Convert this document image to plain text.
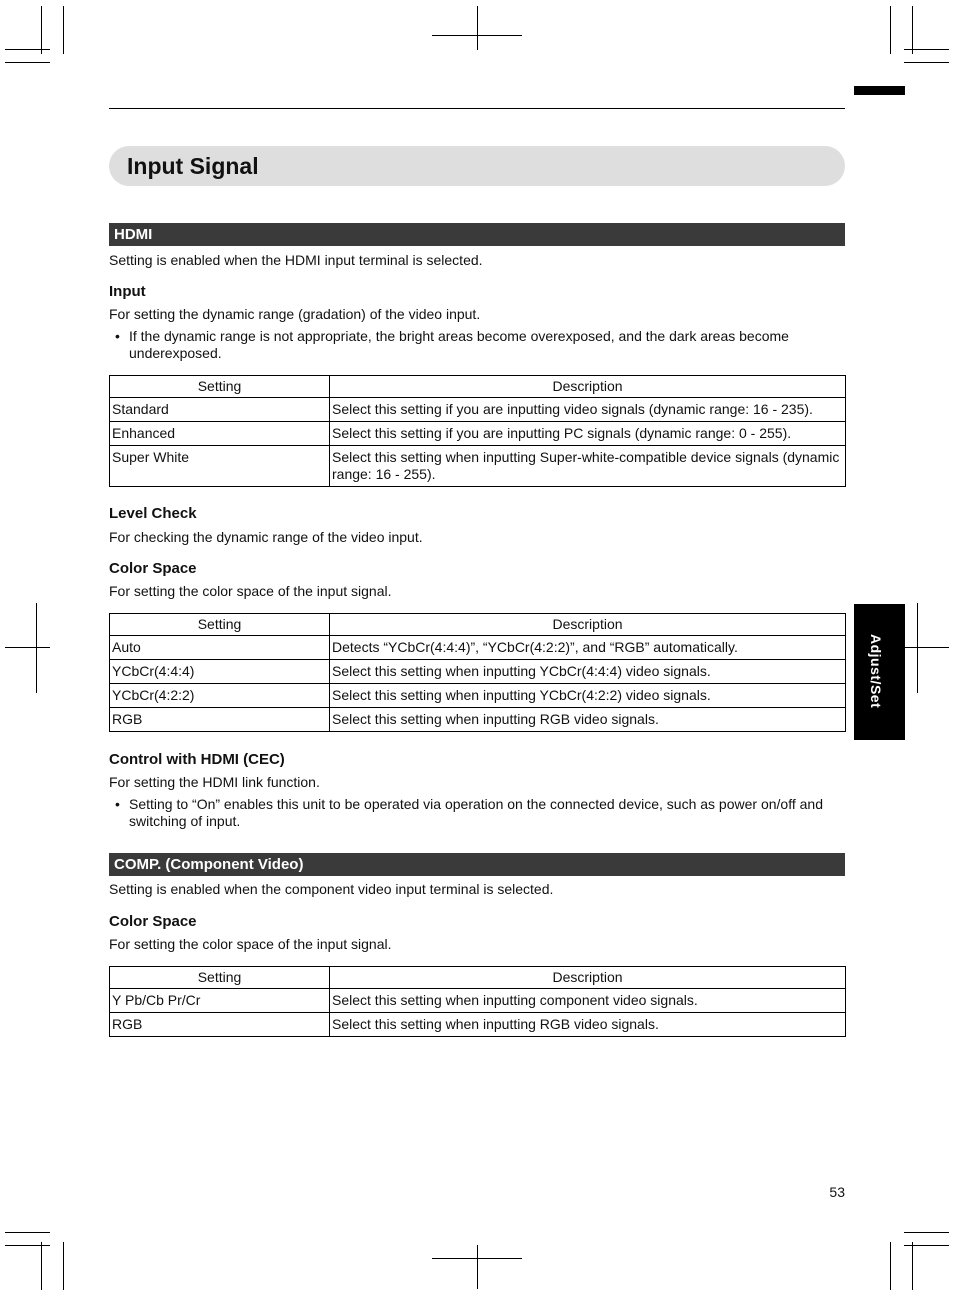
Input Signal
HDMI
Setting is enabled when the HDMI input terminal is selected.
Input
For setting the dynamic range (gradation) of the video input.
• If the dynamic range is not appropriate, the bright areas become overexposed, and the dark areas become underexposed.
Setting	Description
Standard	Select this setting if you are inputting video signals (dynamic range: 16 - 235).
Enhanced	Select this setting if you are inputting PC signals (dynamic range: 0 - 255).
Super White	Select this setting when inputting Super-white-compatible device signals (dynamic range: 16 - 255).
Level Check
For checking the dynamic range of the video input.
Color Space
For setting the color space of the input signal.
Setting	Description
Auto	Detects “YCbCr(4:4:4)”, “YCbCr(4:2:2)”, and “RGB” automatically.
YCbCr(4:4:4)	Select this setting when inputting YCbCr(4:4:4) video signals.
YCbCr(4:2:2)	Select this setting when inputting YCbCr(4:2:2) video signals.
RGB	Select this setting when inputting RGB video signals.
Control with HDMI (CEC)
For setting the HDMI link function.
• Setting to “On” enables this unit to be operated via operation on the connected device, such as power on/off and switching of input.
COMP. (Component Video)
Setting is enabled when the component video input terminal is selected.
Color Space
For setting the color space of the input signal.
Setting	Description
Y Pb/Cb Pr/Cr	Select this setting when inputting component video signals.
RGB	Select this setting when inputting RGB video signals.
Adjust/Set
53
